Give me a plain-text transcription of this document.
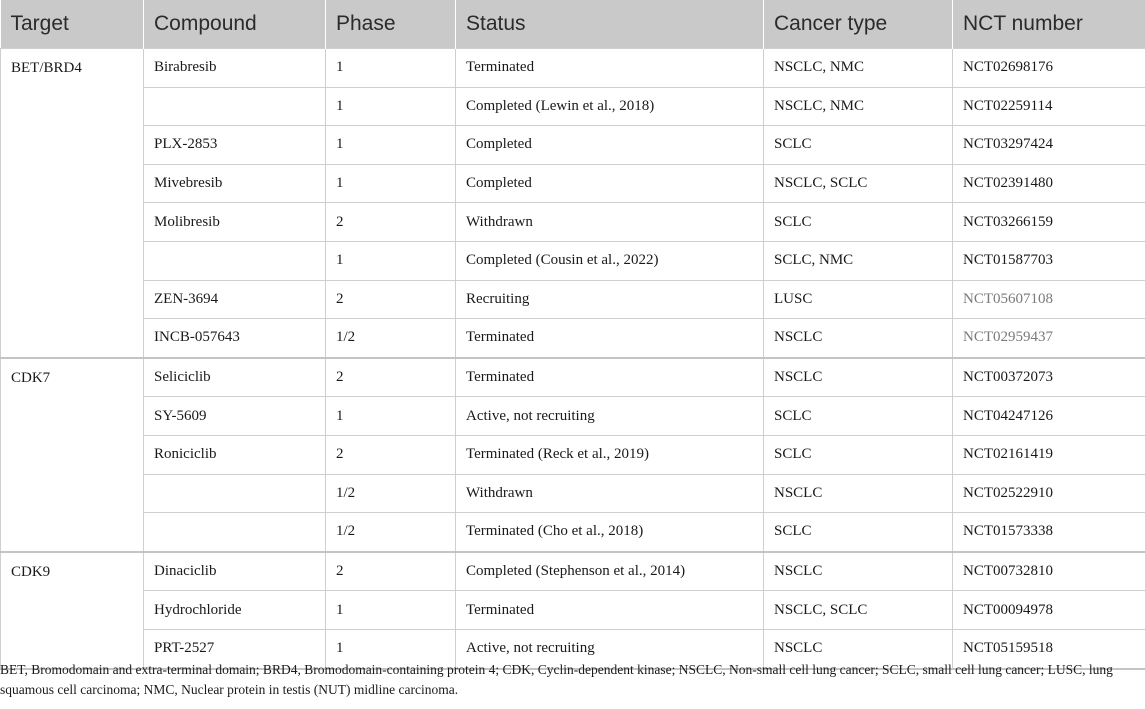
Target	Compound	Phase	Status	Cancer type	NCT number
BET/BRD4	Birabresib	1	Terminated	NSCLC, NMC	NCT02698176
		1	Completed (Lewin et al., 2018)	NSCLC, NMC	NCT02259114
	PLX-2853	1	Completed	SCLC	NCT03297424
	Mivebresib	1	Completed	NSCLC, SCLC	NCT02391480
	Molibresib	2	Withdrawn	SCLC	NCT03266159
		1	Completed (Cousin et al., 2022)	SCLC, NMC	NCT01587703
	ZEN-3694	2	Recruiting	LUSC	NCT05607108
	INCB-057643	1/2	Terminated	NSCLC	NCT02959437
CDK7	Seliciclib	2	Terminated	NSCLC	NCT00372073
	SY-5609	1	Active, not recruiting	SCLC	NCT04247126
	Roniciclib	2	Terminated (Reck et al., 2019)	SCLC	NCT02161419
		1/2	Withdrawn	NSCLC	NCT02522910
		1/2	Terminated (Cho et al., 2018)	SCLC	NCT01573338
CDK9	Dinaciclib	2	Completed (Stephenson et al., 2014)	NSCLC	NCT00732810
	Hydrochloride	1	Terminated	NSCLC, SCLC	NCT00094978
	PRT-2527	1	Active, not recruiting	NSCLC	NCT05159518

BET, Bromodomain and extra-terminal domain; BRD4, Bromodomain-containing protein 4; CDK, Cyclin-dependent kinase; NSCLC, Non-small cell lung cancer; SCLC, small cell lung cancer; LUSC, lung squamous cell carcinoma; NMC, Nuclear protein in testis (NUT) midline carcinoma.
